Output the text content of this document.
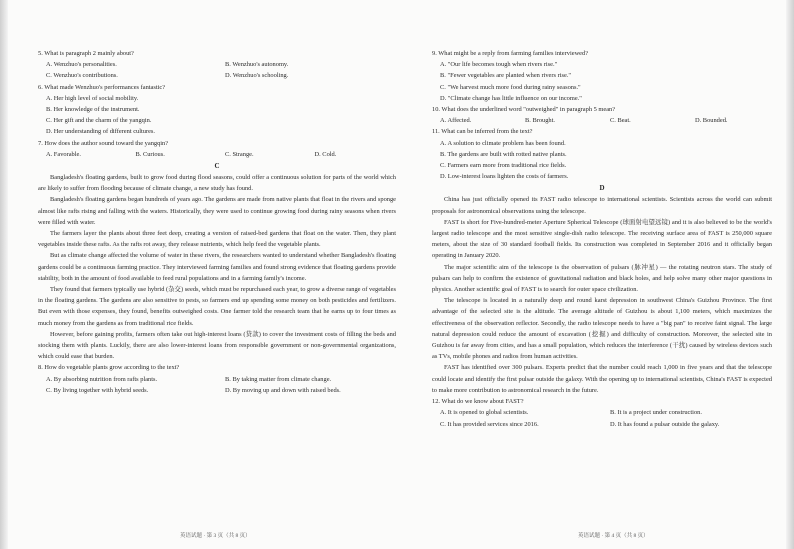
5. What is paragraph 2 mainly about?
A. Wenzhuo's personalities.	B. Wenzhuo's autonomy.
C. Wenzhuo's contributions.	D. Wenzhuo's schooling.
6. What made Wenzhuo's performances fantastic?
A. Her high level of social mobility.
B. Her knowledge of the instrument.
C. Her gift and the charm of the yangqin.
D. Her understanding of different cultures.
7. How does the author sound toward the yangqin?
A. Favorable.	B. Curious.	C. Strange.	D. Cold.
C

Bangladesh's floating gardens, built to grow food during flood seasons, could offer a continuous solution for parts of the world which are likely to suffer from flooding because of climate change, a new study has found.

Bangladesh's floating gardens began hundreds of years ago. The gardens are made from native plants that float in the rivers and sponge almost like rafts rising and falling with the waters. Historically, they were used to continue growing food during rainy seasons when rivers were filled with water.

The farmers layer the plants about three feet deep, creating a version of raised-bed gardens that float on the water. Then, they plant vegetables inside these rafts. As the rafts rot away, they release nutrients, which help feed the vegetable plants.

But as climate change affected the volume of water in these rivers, the researchers wanted to understand whether Bangladesh's floating gardens could be a continuous farming practice. They interviewed farming families and found strong evidence that floating gardens provide stability, both in the amount of food available to feed rural populations and in a farming family's income.

They found that farmers typically use hybrid (杂交) seeds, which must be repurchased each year, to grow a diverse range of vegetables in the floating gardens. The gardens are also sensitive to pests, so farmers end up spending some money on both pesticides and fertilizers. But even with those expenses, they found, benefits outweighed costs. One farmer told the research team that he earns up to four times as much money from the gardens as from traditional rice fields.

However, before gaining profits, farmers often take out high-interest loans (贷款) to cover the investment costs of filling the beds and stocking them with plants. Luckily, there are also lower-interest loans from responsible government or non-governmental organizations, which could ease that burden.

8. How do vegetable plants grow according to the text?
A. By absorbing nutrition from rafts plants.	B. By taking matter from climate change.
C. By living together with hybrid seeds.	D. By moving up and down with raised beds.
英语试题 · 第 3 页（共 8 页）
9. What might be a reply from farming families interviewed?
A. "Our life becomes tough when rivers rise."
B. "Fewer vegetables are planted when rivers rise."
C. "We harvest much more food during rainy seasons."
D. "Climate change has little influence on our income."
10. What does the underlined word "outweighed" in paragraph 5 mean?
A. Affected.	B. Brought.	C. Beat.	D. Bounded.
11. What can be inferred from the text?
A. A solution to climate problem has been found.
B. The gardens are built with rotted native plants.
C. Farmers earn more from traditional rice fields.
D. Low-interest loans lighten the costs of farmers.
D

China has just officially opened its FAST radio telescope to international scientists. Scientists across the world can submit proposals for astronomical observations using the telescope.

FAST is short for Five-hundred-meter Aperture Spherical Telescope (球面射电望远镜) and it is also believed to be the world's largest radio telescope and the most sensitive single-dish radio telescope. The receiving surface area of FAST is 250,000 square meters, about the size of 30 standard football fields. Its construction was completed in September 2016 and it officially began operating in January 2020.

The major scientific aim of the telescope is the observation of pulsars (脉冲星) — the rotating neutron stars. The study of pulsars can help to confirm the existence of gravitational radiation and black holes, and help solve many other major questions in physics. Another scientific goal of FAST is to search for outer space civilization.

The telescope is located in a naturally deep and round karst depression in southwest China's Guizhou Province. The first advantage of the selected site is the altitude. The average altitude of Guizhou is about 1,100 meters, which maximizes the effectiveness of the observation reflector. Secondly, the radio telescope needs to have a "big pan" to receive faint signal. The large natural depression could reduce the amount of excavation (挖掘) and difficulty of construction. Moreover, the selected site in Guizhou is far away from cities, and has a small population, which reduces the interference (干扰) caused by wireless devices such as TVs, mobile phones and radios from human activities.

FAST has identified over 300 pulsars. Experts predict that the number could reach 1,000 in five years and that the telescope could locate and identify the first pulsar outside the galaxy. With the opening up to international scientists, China's FAST is expected to make more contribution to astronomical research in the future.

12. What do we know about FAST?
A. It is opened to global scientists.	B. It is a project under construction.
C. It has provided services since 2016.	D. It has found a pulsar outside the galaxy.
英语试题 · 第 4 页（共 8 页）
